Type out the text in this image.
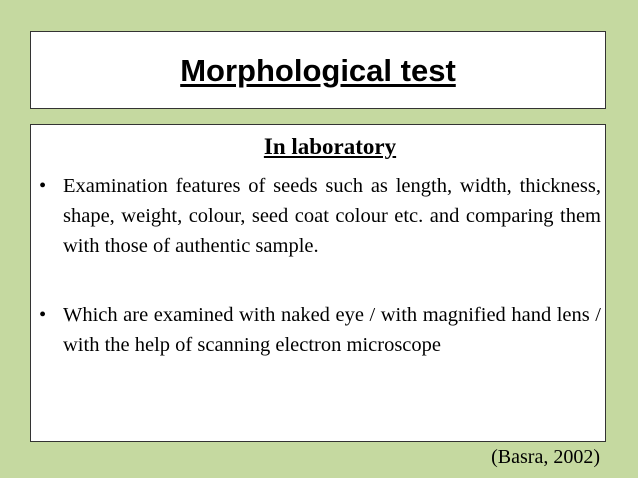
Morphological test
In laboratory
• Examination features of seeds such as length, width, thickness, shape, weight, colour, seed coat colour etc. and comparing them with those of authentic sample.

• Which are examined with naked eye / with magnified hand lens / with the help of scanning electron microscope

(Basra, 2002)
